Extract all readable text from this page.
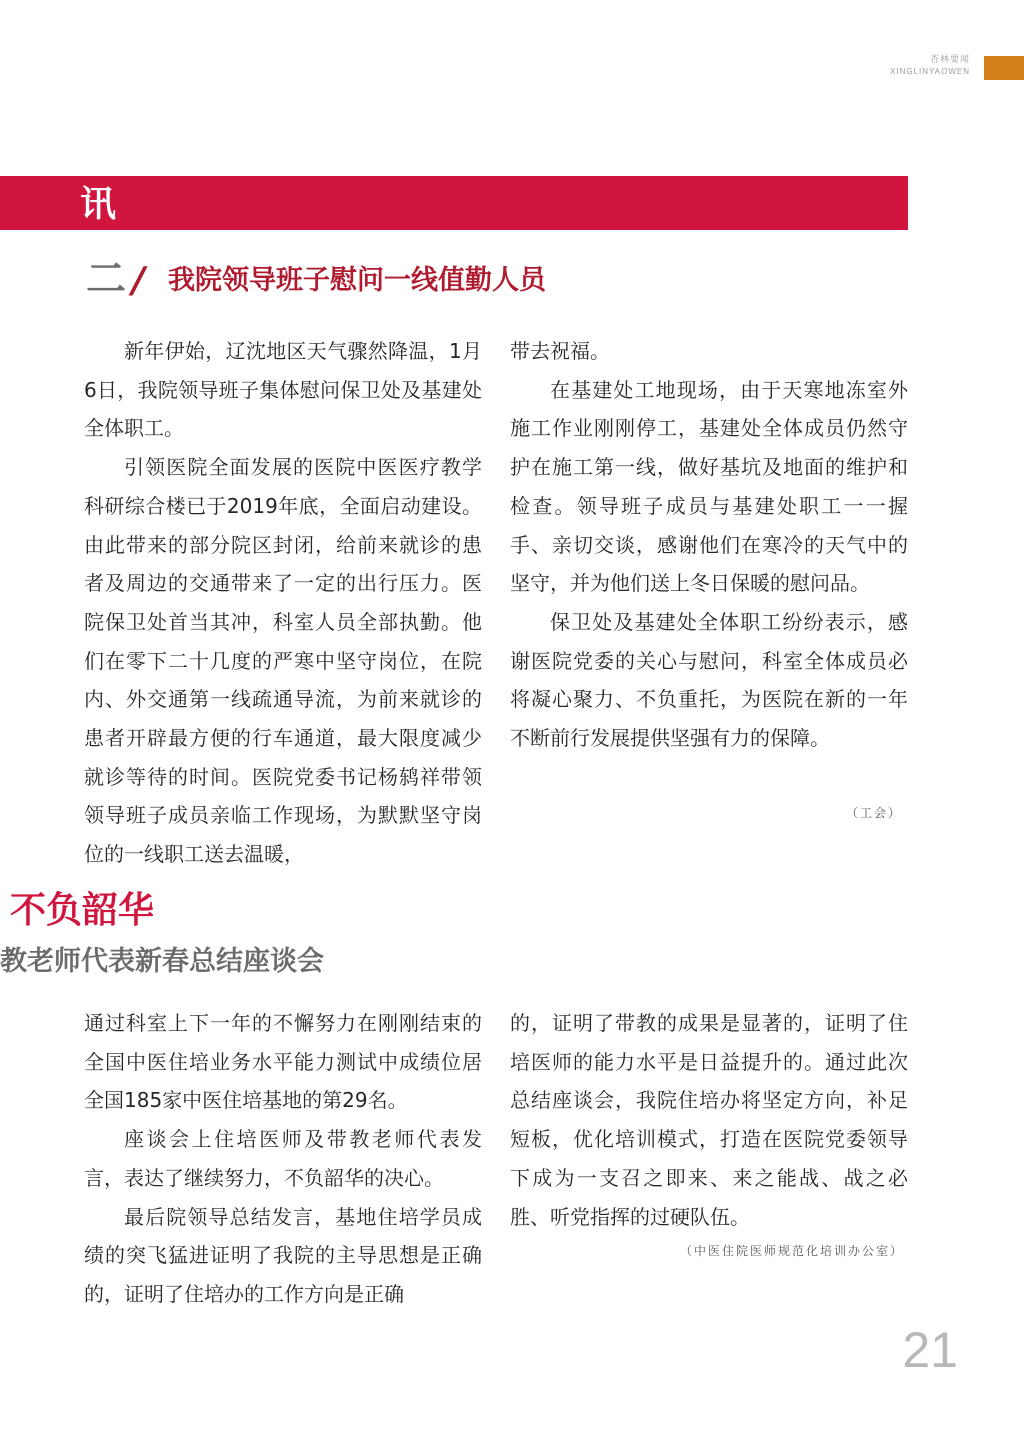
杏林要闻
XINGLINYAOWEN
讯
二 / 我院领导班子慰问一线值勤人员

新年伊始，辽沈地区天气骤然降温，1月6日，我院领导班子集体慰问保卫处及基建处全体职工。

引领医院全面发展的医院中医医疗教学科研综合楼已于2019年底，全面启动建设。由此带来的部分院区封闭，给前来就诊的患者及周边的交通带来了一定的出行压力。医院保卫处首当其冲，科室人员全部执勤。他们在零下二十几度的严寒中坚守岗位，在院内、外交通第一线疏通导流，为前来就诊的患者开辟最方便的行车通道，最大限度减少就诊等待的时间。医院党委书记杨鸫祥带领领导班子成员亲临工作现场，为默默坚守岗位的一线职工送去温暖，

带去祝福。

在基建处工地现场，由于天寒地冻室外施工作业刚刚停工，基建处全体成员仍然守护在施工第一线，做好基坑及地面的维护和检查。领导班子成员与基建处职工一一握手、亲切交谈，感谢他们在寒冷的天气中的坚守，并为他们送上冬日保暖的慰问品。

保卫处及基建处全体职工纷纷表示，感谢医院党委的关心与慰问，科室全体成员必将凝心聚力、不负重托，为医院在新的一年不断前行发展提供坚强有力的保障。

（工会）
不负韶华
教老师代表新春总结座谈会

通过科室上下一年的不懈努力在刚刚结束的全国中医住培业务水平能力测试中成绩位居全国185家中医住培基地的第29名。

座谈会上住培医师及带教老师代表发言，表达了继续努力，不负韶华的决心。

最后院领导总结发言，基地住培学员成绩的突飞猛进证明了我院的主导思想是正确的，证明了住培办的工作方向是正确

的，证明了带教的成果是显著的，证明了住培医师的能力水平是日益提升的。通过此次总结座谈会，我院住培办将坚定方向，补足短板，优化培训模式，打造在医院党委领导下成为一支召之即来、来之能战、战之必胜、听党指挥的过硬队伍。

（中医住院医师规范化培训办公室）
21
